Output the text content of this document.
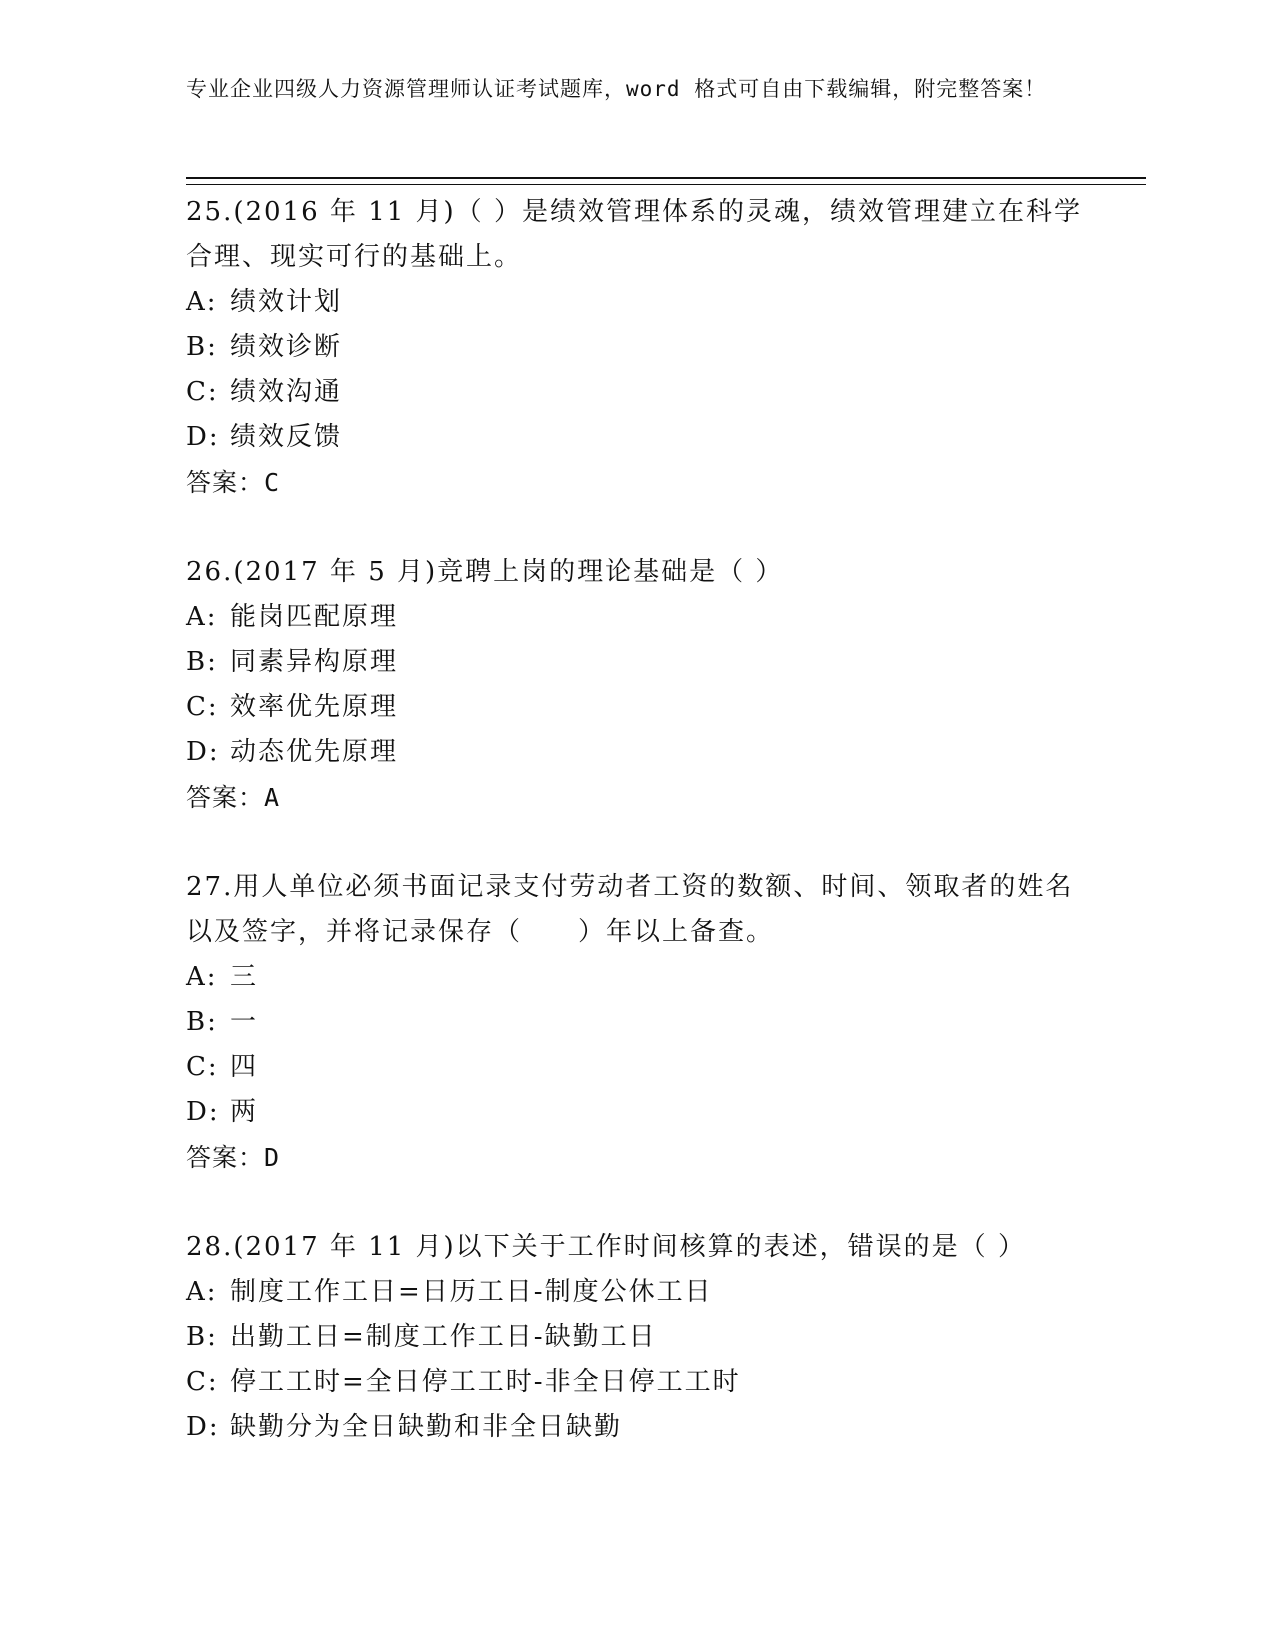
专业企业四级人力资源管理师认证考试题库，word 格式可自由下载编辑，附完整答案！

25.(2016 年 11 月)（ ）是绩效管理体系的灵魂，绩效管理建立在科学合理、现实可行的基础上。

A: 绩效计划

B: 绩效诊断

C: 绩效沟通

D: 绩效反馈

答案：C

26.(2017 年 5 月)竞聘上岗的理论基础是（ ）

A: 能岗匹配原理

B: 同素异构原理

C: 效率优先原理

D: 动态优先原理

答案：A

27.用人单位必须书面记录支付劳动者工资的数额、时间、领取者的姓名以及签字，并将记录保存（　　）年以上备查。

A: 三

B: 一

C: 四

D: 两

答案：D

28.(2017 年 11 月)以下关于工作时间核算的表述，错误的是（ ）

A: 制度工作工日=日历工日-制度公休工日

B: 出勤工日=制度工作工日-缺勤工日

C: 停工工时=全日停工工时-非全日停工工时

D: 缺勤分为全日缺勤和非全日缺勤
